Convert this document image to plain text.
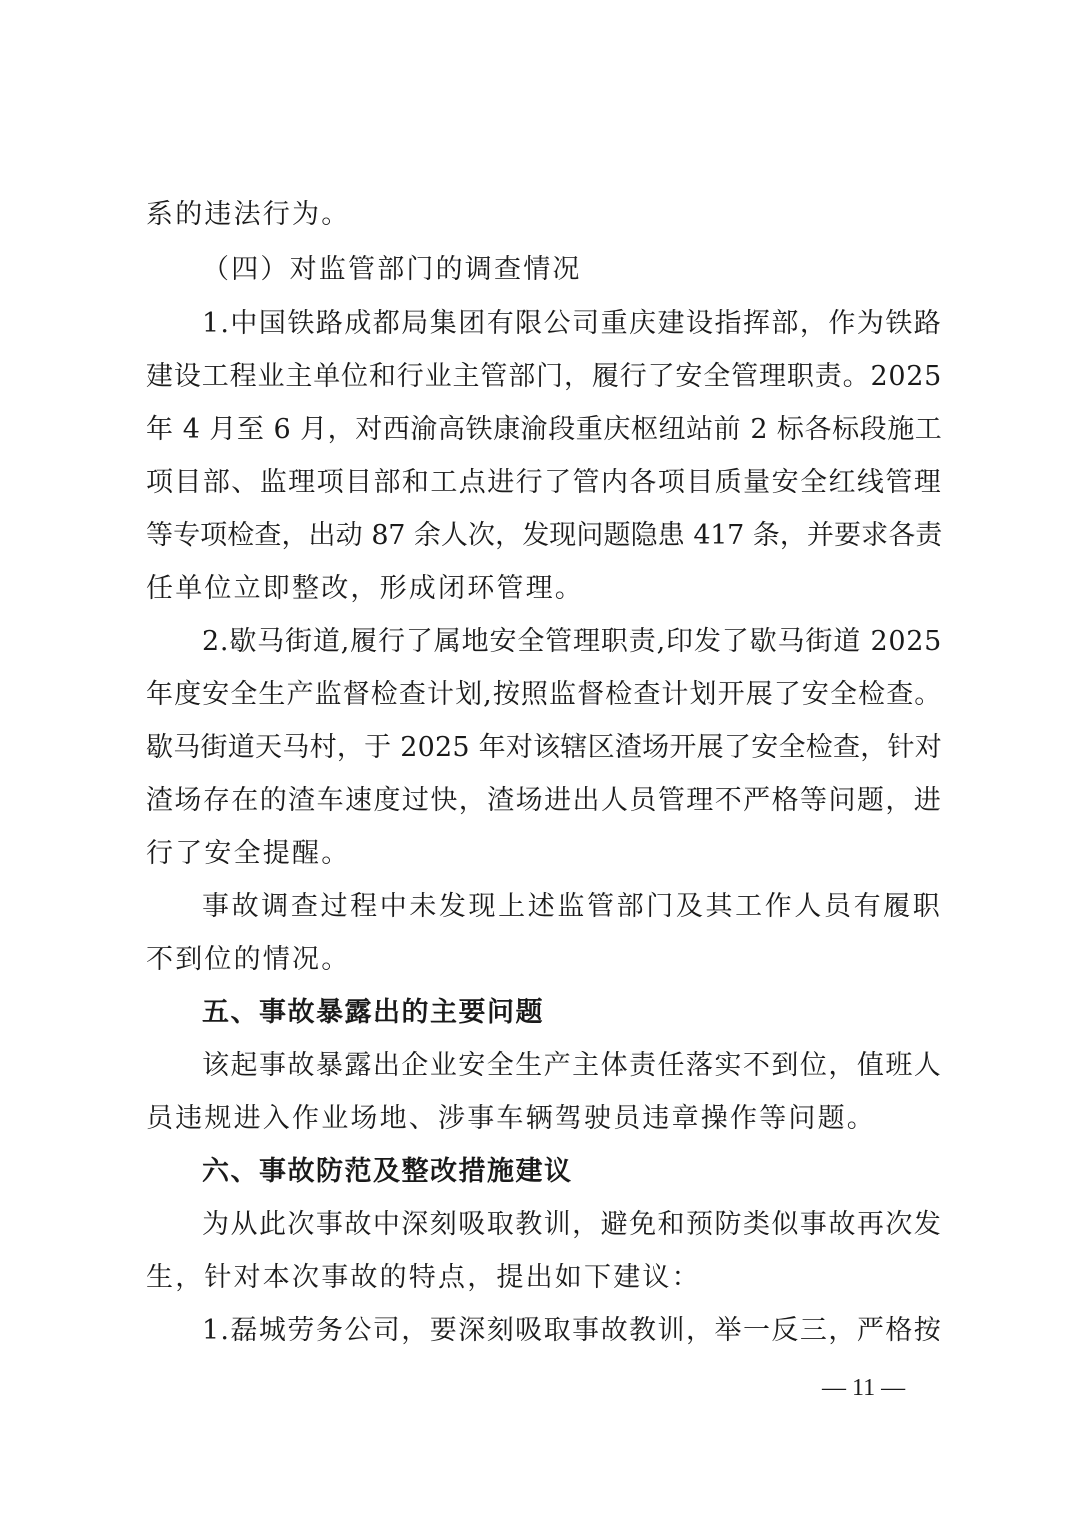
系的违法行为。
（四）对监管部门的调查情况
1.中国铁路成都局集团有限公司重庆建设指挥部，作为铁路
建设工程业主单位和行业主管部门，履行了安全管理职责。2025
年 4 月至 6 月，对西渝高铁康渝段重庆枢纽站前 2 标各标段施工
项目部、监理项目部和工点进行了管内各项目质量安全红线管理
等专项检查，出动 87 余人次，发现问题隐患 417 条，并要求各责
任单位立即整改，形成闭环管理。
2.歇马街道,履行了属地安全管理职责,印发了歇马街道 2025
年度安全生产监督检查计划,按照监督检查计划开展了安全检查。
歇马街道天马村，于 2025 年对该辖区渣场开展了安全检查，针对
渣场存在的渣车速度过快，渣场进出人员管理不严格等问题，进
行了安全提醒。
事故调查过程中未发现上述监管部门及其工作人员有履职
不到位的情况。
五、事故暴露出的主要问题
该起事故暴露出企业安全生产主体责任落实不到位，值班人
员违规进入作业场地、涉事车辆驾驶员违章操作等问题。
六、事故防范及整改措施建议
为从此次事故中深刻吸取教训，避免和预防类似事故再次发
生，针对本次事故的特点，提出如下建议：
1.磊城劳务公司，要深刻吸取事故教训，举一反三，严格按
— 11 —
